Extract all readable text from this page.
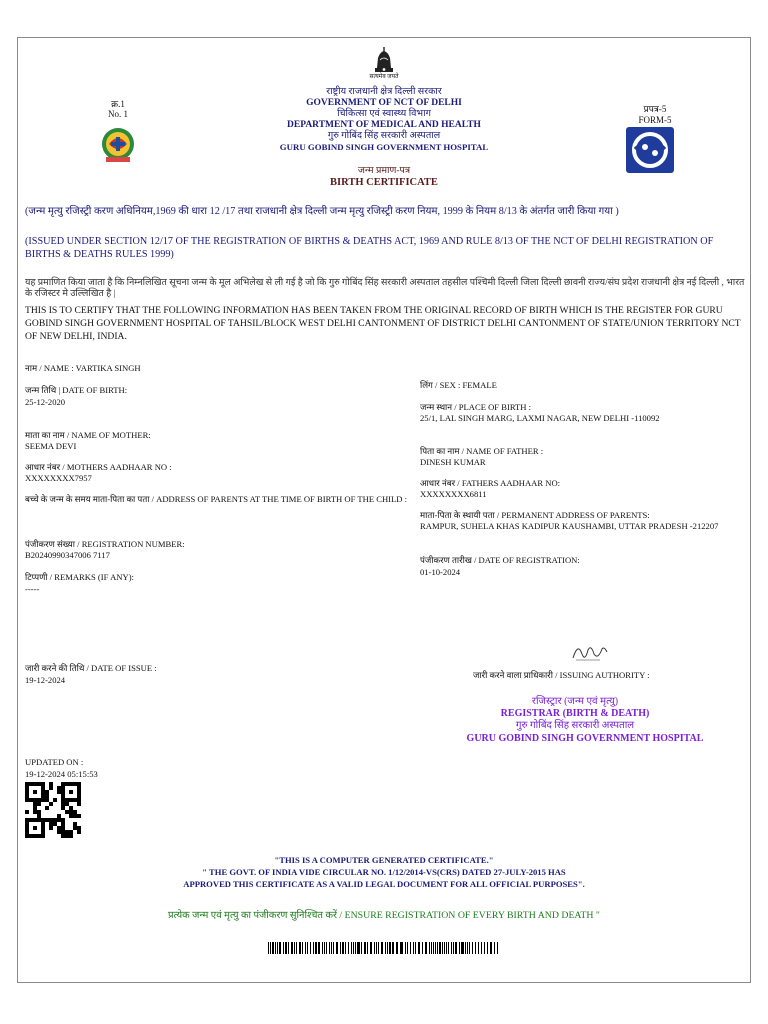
सत्यमेव जयते
क्र.1
No. 1	प्रपत्र-5
FORM-5
राष्ट्रीय राजधानी क्षेत्र दिल्ली सरकार
GOVERNMENT OF NCT OF DELHI
चिकित्सा एवं स्वास्थ्य विभाग
DEPARTMENT OF MEDICAL AND HEALTH
गुरु गोबिंद सिंह सरकारी अस्पताल
GURU GOBIND SINGH GOVERNMENT HOSPITAL
जन्म प्रमाण-पत्र
BIRTH CERTIFICATE
(जन्म मृत्यु रजिस्ट्री करण अधिनियम,1969 की धारा 12 /17 तथा राजधानी क्षेत्र दिल्ली जन्म मृत्यु रजिस्ट्री करण नियम, 1999 के नियम 8/13 के अंतर्गत जारी किया गया )
(ISSUED UNDER SECTION 12/17 OF THE REGISTRATION OF BIRTHS & DEATHS ACT, 1969 AND RULE 8/13 OF THE NCT OF DELHI REGISTRATION OF BIRTHS & DEATHS RULES 1999)
यह प्रमाणित किया जाता है कि निम्नलिखित सूचना जन्म के मूल अभिलेख से ली गई है जो कि गुरु गोबिंद सिंह सरकारी अस्पताल तहसील पश्चिमी दिल्ली जिला दिल्ली छावनी राज्य/संघ प्रदेश राजधानी क्षेत्र नई दिल्ली , भारत के रजिस्टर मे उल्लिखित है |
THIS IS TO CERTIFY THAT THE FOLLOWING INFORMATION HAS BEEN TAKEN FROM THE ORIGINAL RECORD OF BIRTH WHICH IS THE REGISTER FOR GURU GOBIND SINGH GOVERNMENT HOSPITAL OF TAHSIL/BLOCK WEST DELHI CANTONMENT OF DISTRICT DELHI CANTONMENT OF STATE/UNION TERRITORY NCT OF NEW DELHI, INDIA.
नाम / NAME : VARTIKA SINGH
जन्म तिथि | DATE OF BIRTH:
25-12-2020
माता का नाम / NAME OF MOTHER:
SEEMA DEVI
आधार नंबर / MOTHERS AADHAAR NO :
XXXXXXXX7957
बच्चे के जन्म के समय माता-पिता का पता / ADDRESS OF PARENTS AT THE TIME OF BIRTH OF THE CHILD :
पंजीकरण संख्या / REGISTRATION NUMBER:
B20240990347006 7117
टिप्पणी / REMARKS (IF ANY):
-----
जारी करने की तिथि / DATE OF ISSUE :
19-12-2024
लिंग / SEX : FEMALE
जन्म स्थान / PLACE OF BIRTH :
25/1, LAL SINGH MARG, LAXMI NAGAR, NEW DELHI -110092
पिता का नाम / NAME OF FATHER :
DINESH KUMAR
आधार नंबर / FATHERS AADHAAR NO:
XXXXXXXX6811
माता-पिता के स्थायी पता / PERMANENT ADDRESS OF PARENTS:
RAMPUR, SUHELA KHAS KADIPUR KAUSHAMBI, UTTAR PRADESH -212207
पंजीकरण तारीख / DATE OF REGISTRATION:
01-10-2024
जारी करने वाला प्राधिकारी / ISSUING AUTHORITY :
रजिस्ट्रार (जन्म एवं मृत्यु)
REGISTRAR (BIRTH & DEATH)
गुरु गोबिंद सिंह सरकारी अस्पताल
GURU GOBIND SINGH GOVERNMENT HOSPITAL
UPDATED ON :
19-12-2024 05:15:53
"THIS IS A COMPUTER GENERATED CERTIFICATE."
" THE GOVT. OF INDIA VIDE CIRCULAR NO. 1/12/2014-VS(CRS) DATED 27-JULY-2015 HAS
APPROVED THIS CERTIFICATE AS A VALID LEGAL DOCUMENT FOR ALL OFFICIAL PURPOSES".
प्रत्येक जन्म एवं मृत्यु का पंजीकरण सुनिश्चित करें / ENSURE REGISTRATION OF EVERY BIRTH AND DEATH "
